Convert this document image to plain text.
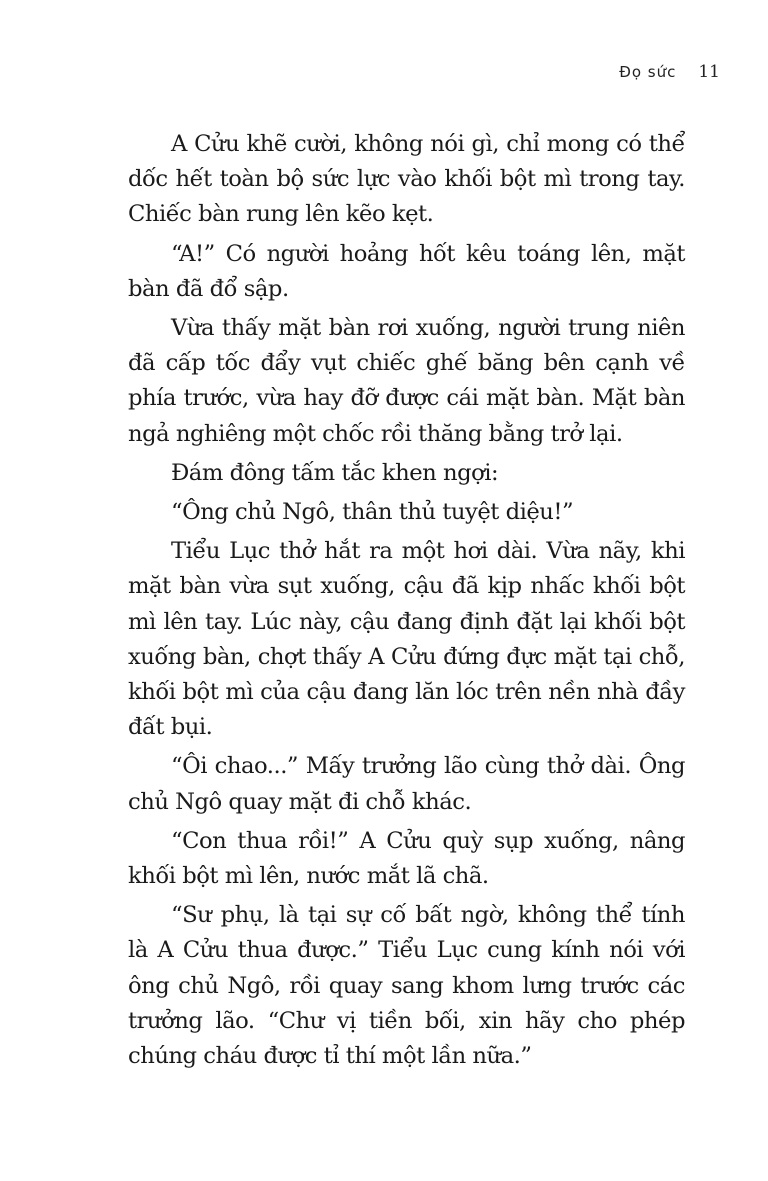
Đọ sức 11

A Cửu khẽ cười, không nói gì, chỉ mong có thể dốc hết toàn bộ sức lực vào khối bột mì trong tay. Chiếc bàn rung lên kẽo kẹt.

“A!” Có người hoảng hốt kêu toáng lên, mặt bàn đã đổ sập.

Vừa thấy mặt bàn rơi xuống, người trung niên đã cấp tốc đẩy vụt chiếc ghế băng bên cạnh về phía trước, vừa hay đỡ được cái mặt bàn. Mặt bàn ngả nghiêng một chốc rồi thăng bằng trở lại.

Đám đông tấm tắc khen ngợi:

“Ông chủ Ngô, thân thủ tuyệt diệu!”

Tiểu Lục thở hắt ra một hơi dài. Vừa nãy, khi mặt bàn vừa sụt xuống, cậu đã kịp nhấc khối bột mì lên tay. Lúc này, cậu đang định đặt lại khối bột xuống bàn, chợt thấy A Cửu đứng đực mặt tại chỗ, khối bột mì của cậu đang lăn lóc trên nền nhà đầy đất bụi.

“Ôi chao...” Mấy trưởng lão cùng thở dài. Ông chủ Ngô quay mặt đi chỗ khác.

“Con thua rồi!” A Cửu quỳ sụp xuống, nâng khối bột mì lên, nước mắt lã chã.

“Sư phụ, là tại sự cố bất ngờ, không thể tính là A Cửu thua được.” Tiểu Lục cung kính nói với ông chủ Ngô, rồi quay sang khom lưng trước các trưởng lão. “Chư vị tiền bối, xin hãy cho phép chúng cháu được tỉ thí một lần nữa.”
